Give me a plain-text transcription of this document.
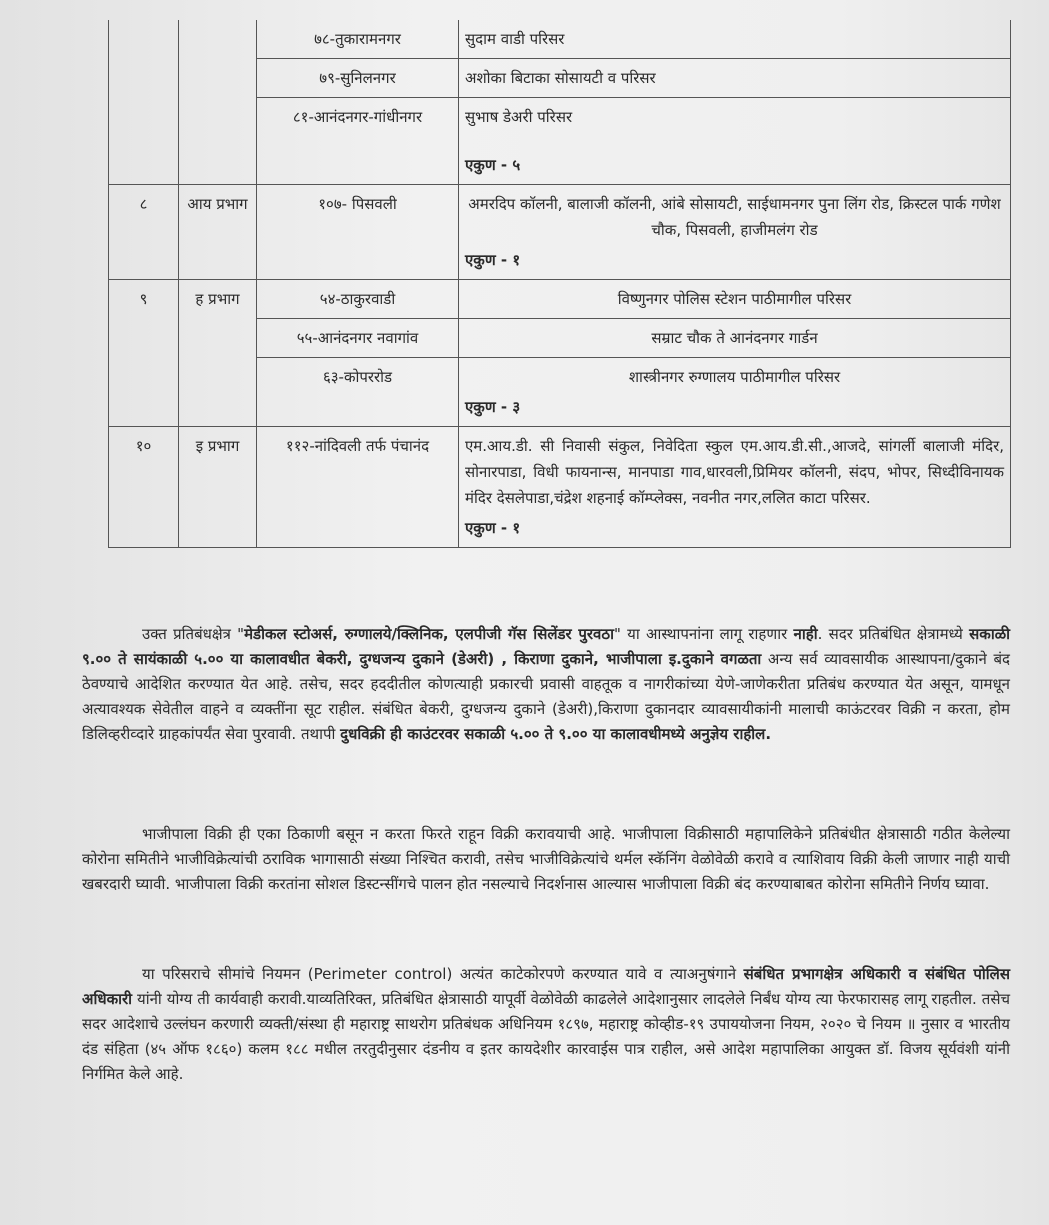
		७८-तुकारामनगर	सुदाम वाडी परिसर
		७९-सुनिलनगर	अशोका बिटाका सोसायटी व परिसर
		८१-आनंदनगर-गांधीनगर	सुभाष डेअरी परिसर
एकुण - ५

८	आय प्रभाग	१०७- पिसवली	अमरदिप कॉलनी, बालाजी कॉलनी, आंबे सोसायटी, साईधामनगर पुना लिंग रोड, क्रिस्टल पार्क गणेश चौक, पिसवली, हाजीमलंग रोड
एकुण - १

९	ह प्रभाग	५४-ठाकुरवाडी	विष्णुनगर पोलिस स्टेशन पाठीमागील परिसर
		५५-आनंदनगर नवागांव	सम्राट चौक ते आनंदनगर गार्डन
		६३-कोपररोड	शास्त्रीनगर रुग्णालय पाठीमागील परिसर
एकुण - ३

१०	इ प्रभाग	११२-नांदिवली तर्फ पंचानंद	एम.आय.डी. सी निवासी संकुल, निवेदिता स्कुल एम.आय.डी.सी.,आजदे, सांगर्ली बालाजी मंदिर, सोनारपाडा, विधी फायनान्स, मानपाडा गाव,धारवली,प्रिमियर कॉलनी, संदप, भोपर, सिध्दीविनायक मंदिर देसलेपाडा,चंद्रेश शहनाई कॉम्प्लेक्स, नवनीत नगर,ललित काटा परिसर.
एकुण - १
उक्त प्रतिबंधक्षेत्र "मेडीकल स्टोअर्स, रुग्णालये/क्लिनिक, एलपीजी गॅस सिलेंडर पुरवठा" या आस्थापनांना लागू राहणार नाही. सदर प्रतिबंधित क्षेत्रामध्ये सकाळी ९.०० ते सायंकाळी ५.०० या कालावधीत बेकरी, दुग्धजन्य दुकाने (डेअरी) , किराणा दुकाने, भाजीपाला इ.दुकाने वगळता अन्य सर्व व्यावसायीक आस्थापना/दुकाने बंद ठेवण्याचे आदेशित करण्यात येत आहे. तसेच, सदर हददीतील कोणत्याही प्रकारची प्रवासी वाहतूक व नागरीकांच्या येणे-जाणेकरीता प्रतिबंध करण्यात येत असून, यामधून अत्यावश्यक सेवेतील वाहने व व्यक्तींना सूट राहील. संबंधित बेकरी, दुग्धजन्य दुकाने (डेअरी),किराणा दुकानदार व्यावसायीकांनी मालाची काऊंटरवर विक्री न करता, होम डिलिव्हरीव्दारे ग्राहकांपर्यंत सेवा पुरवावी. तथापी दुधविक्री ही काउंटरवर सकाळी ५.०० ते ९.०० या कालावधीमध्ये अनुज्ञेय राहील.
भाजीपाला विक्री ही एका ठिकाणी बसून न करता फिरते राहून विक्री करावयाची आहे. भाजीपाला विक्रीसाठी महापालिकेने प्रतिबंधीत क्षेत्रासाठी गठीत केलेल्या कोरोना समितीने भाजीविक्रेत्यांची ठराविक भागासाठी संख्या निश्चित करावी, तसेच भाजीविक्रेत्यांचे थर्मल स्कॅनिंग वेळोवेळी करावे व त्याशिवाय विक्री केली जाणार नाही याची खबरदारी घ्यावी. भाजीपाला विक्री करतांना सोशल डिस्टन्सींगचे पालन होत नसल्याचे निदर्शनास आल्यास भाजीपाला विक्री बंद करण्याबाबत कोरोना समितीने निर्णय घ्यावा.
या परिसराचे सीमांचे नियमन (Perimeter control) अत्यंत काटेकोरपणे करण्यात यावे व त्याअनुषंगाने संबंधित प्रभागक्षेत्र अधिकारी व संबंधित पोलिस अधिकारी यांनी योग्य ती कार्यवाही करावी.याव्यतिरिक्त, प्रतिबंधित क्षेत्रासाठी यापूर्वी वेळोवेळी काढलेले आदेशानुसार लादलेले निर्बंध योग्य त्या फेरफारासह लागू राहतील. तसेच सदर आदेशाचे उल्लंघन करणारी व्यक्ती/संस्था ही महाराष्ट्र साथरोग प्रतिबंधक अधिनियम १८९७, महाराष्ट्र कोव्हीड-१९ उपाययोजना नियम, २०२० चे नियम ॥ नुसार व भारतीय दंड संहिता (४५ ऑफ १८६०) कलम १८८ मधील तरतुदीनुसार दंडनीय व इतर कायदेशीर कारवाईस पात्र राहील, असे आदेश महापालिका आयुक्त डॉ. विजय सूर्यवंशी यांनी निर्गमित केले आहे.
